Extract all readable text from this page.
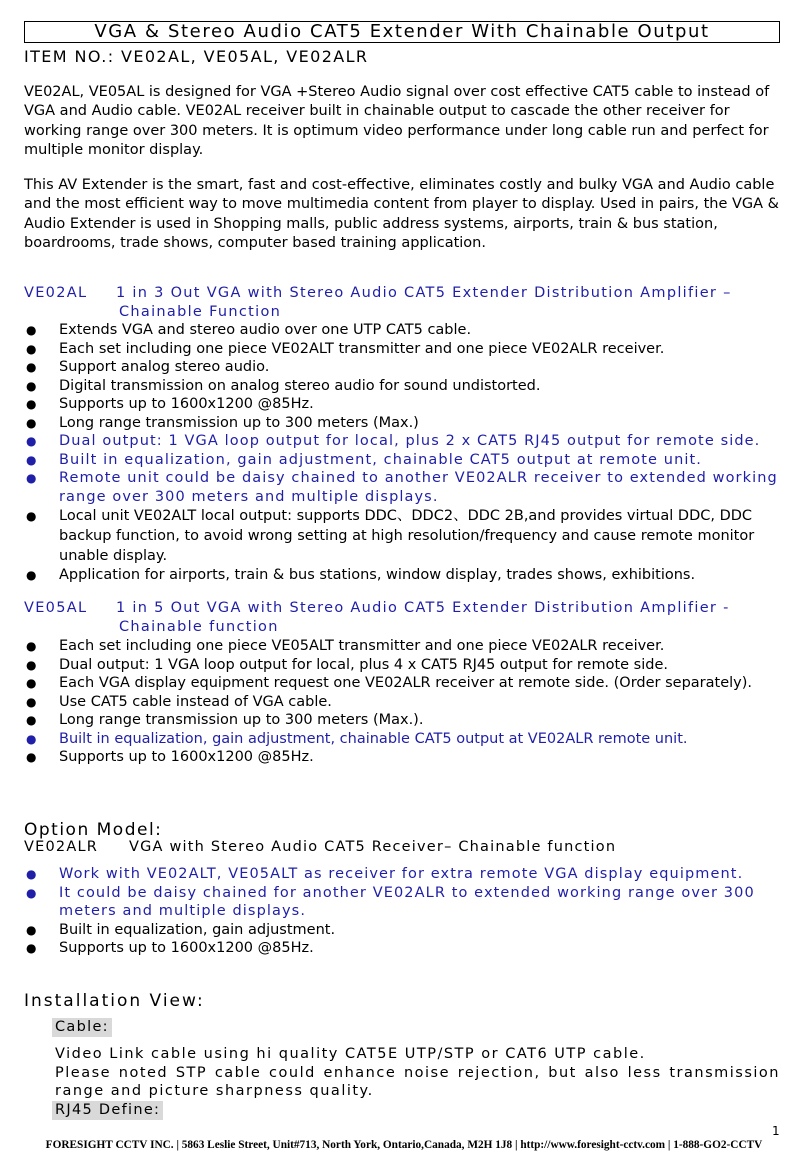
VGA & Stereo Audio CAT5 Extender With Chainable Output
ITEM NO.: VE02AL, VE05AL, VE02ALR
VE02AL, VE05AL is designed for VGA +Stereo Audio signal over cost effective CAT5 cable to instead of VGA and Audio cable. VE02AL receiver built in chainable output to cascade the other receiver for working range over 300 meters. It is optimum video performance under long cable run and perfect for multiple monitor display.
This AV Extender is the smart, fast and cost-effective, eliminates costly and bulky VGA and Audio cable and the most efficient way to move multimedia content from player to display. Used in pairs, the VGA & Audio Extender is used in Shopping malls, public address systems, airports, train & bus station, boardrooms, trade shows, computer based training application.
VE02AL 1 in 3 Out VGA with Stereo Audio CAT5 Extender Distribution Amplifier –
Chainable Function
● Extends VGA and stereo audio over one UTP CAT5 cable.
● Each set including one piece VE02ALT transmitter and one piece VE02ALR receiver.
● Support analog stereo audio.
● Digital transmission on analog stereo audio for sound undistorted.
● Supports up to 1600x1200 @85Hz.
● Long range transmission up to 300 meters (Max.)
● Dual output: 1 VGA loop output for local, plus 2 x CAT5 RJ45 output for remote side.
● Built in equalization, gain adjustment, chainable CAT5 output at remote unit.
● Remote unit could be daisy chained to another VE02ALR receiver to extended working range over 300 meters and multiple displays.
● Local unit VE02ALT local output: supports DDC、DDC2、DDC 2B,and provides virtual DDC, DDC backup function, to avoid wrong setting at high resolution/frequency and cause remote monitor unable display.
● Application for airports, train & bus stations, window display, trades shows, exhibitions.
VE05AL 1 in 5 Out VGA with Stereo Audio CAT5 Extender Distribution Amplifier -
Chainable function
● Each set including one piece VE05ALT transmitter and one piece VE02ALR receiver.
● Dual output: 1 VGA loop output for local, plus 4 x CAT5 RJ45 output for remote side.
● Each VGA display equipment request one VE02ALR receiver at remote side. (Order separately).
● Use CAT5 cable instead of VGA cable.
● Long range transmission up to 300 meters (Max.).
● Built in equalization, gain adjustment, chainable CAT5 output at VE02ALR remote unit.
● Supports up to 1600x1200 @85Hz.
Option Model:
VE02ALR VGA with Stereo Audio CAT5 Receiver– Chainable function
● Work with VE02ALT, VE05ALT as receiver for extra remote VGA display equipment.
● It could be daisy chained for another VE02ALR to extended working range over 300 meters and multiple displays.
● Built in equalization, gain adjustment.
● Supports up to 1600x1200 @85Hz.
Installation View:
Cable:
Video Link cable using hi quality CAT5E UTP/STP or CAT6 UTP cable.
Please noted STP cable could enhance noise rejection, but also less transmission range and picture sharpness quality.
RJ45 Define:
1
FORESIGHT CCTV INC. | 5863 Leslie Street, Unit#713, North York, Ontario,Canada, M2H 1J8 | http://www.foresight-cctv.com | 1-888-GO2-CCTV
